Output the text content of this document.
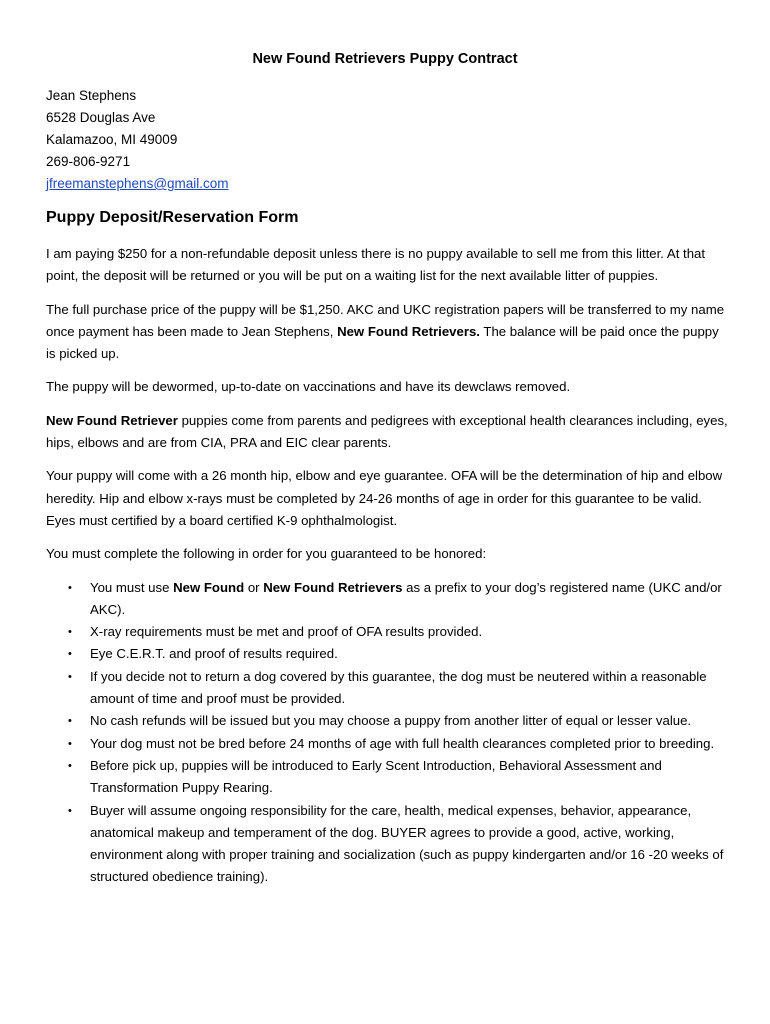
New Found Retrievers Puppy Contract
Jean Stephens
6528 Douglas Ave
Kalamazoo, MI 49009
269-806-9271
jfreemanstephens@gmail.com
Puppy Deposit/Reservation Form

I am paying $250 for a non-refundable deposit unless there is no puppy available to sell me from this litter. At that point, the deposit will be returned or you will be put on a waiting list for the next available litter of puppies.

The full purchase price of the puppy will be $1,250. AKC and UKC registration papers will be transferred to my name once payment has been made to Jean Stephens, New Found Retrievers. The balance will be paid once the puppy is picked up.

The puppy will be dewormed, up-to-date on vaccinations and have its dewclaws removed.

New Found Retriever puppies come from parents and pedigrees with exceptional health clearances including, eyes, hips, elbows and are from CIA, PRA and EIC clear parents.

Your puppy will come with a 26 month hip, elbow and eye guarantee. OFA will be the determination of hip and elbow heredity. Hip and elbow x-rays must be completed by 24-26 months of age in order for this guarantee to be valid. Eyes must certified by a board certified K-9 ophthalmologist.

You must complete the following in order for you guaranteed to be honored:

• You must use New Found or New Found Retrievers as a prefix to your dog’s registered name (UKC and/or AKC).
• X-ray requirements must be met and proof of OFA results provided.
• Eye C.E.R.T. and proof of results required.
• If you decide not to return a dog covered by this guarantee, the dog must be neutered within a reasonable amount of time and proof must be provided.
• No cash refunds will be issued but you may choose a puppy from another litter of equal or lesser value.
• Your dog must not be bred before 24 months of age with full health clearances completed prior to breeding.
• Before pick up, puppies will be introduced to Early Scent Introduction, Behavioral Assessment and Transformation Puppy Rearing.
• Buyer will assume ongoing responsibility for the care, health, medical expenses, behavior, appearance, anatomical makeup and temperament of the dog. BUYER agrees to provide a good, active, working, environment along with proper training and socialization (such as puppy kindergarten and/or 16 -20 weeks of structured obedience training).
